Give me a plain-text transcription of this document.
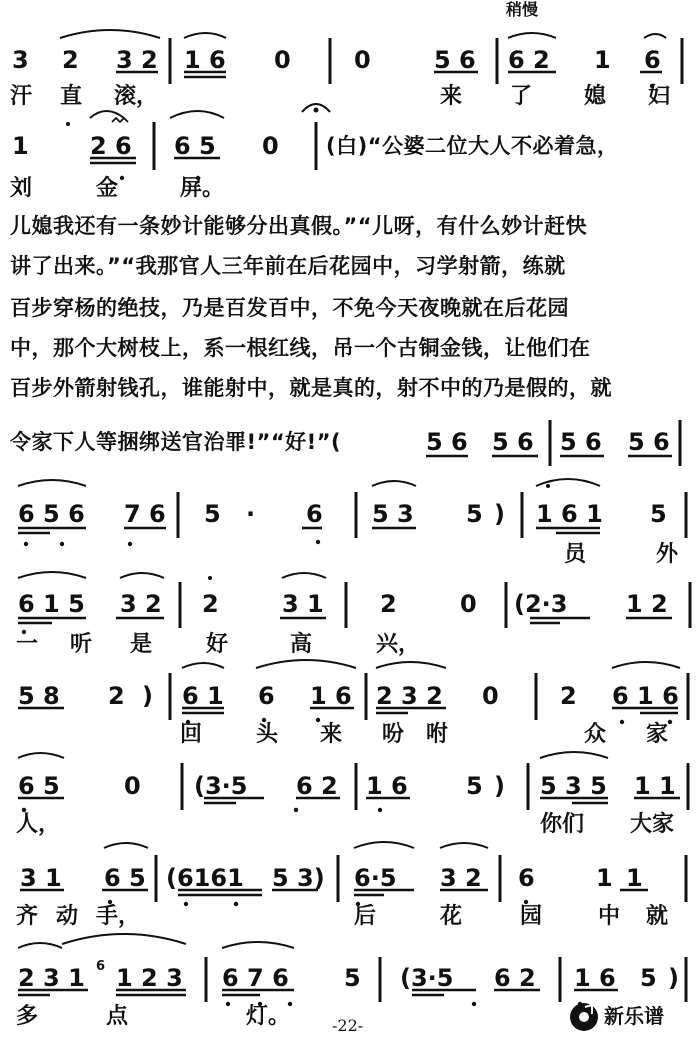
稍慢
3 2 3 2 1 6 0	0	5 6 6 2 1 6
汗 直 滚，	来 了 媳 妇
1	2 6 6 5 0 (白)“公婆二位大人不必着急，
刘	金	屏。
儿媳我还有一条妙计能够分出真假。”“儿呀，有什么妙计赶快
讲了出来。”“我那官人三年前在后花园中，习学射箭，练就
百步穿杨的绝技，乃是百发百中，不免今天夜晚就在后花园
中，那个大树枝上，系一根红线，吊一个古铜金钱，让他们在
百步外箭射钱孔，谁能射中，就是真的，射不中的乃是假的，就
令家下人等捆绑送官治罪!”“好!”(	5 6 5 6 5 6 5 6
6 5 6 7 6 5 · 6 5 3 5 ) 1 6 1 5
员	外
6 1 5 3 2 2	3 1 2	0 (2·3 1 2
一 听 是 好	高	兴，
5 8 2 ) 6 1 6 1 6 2 3 2 0	2 6 1 6
回 头 来 吩 咐	众 家
6 5	0 (3·5 6 2 1 6 5 ) 5 3 5 1 1
人，	你们 大家
3 1 6 5 (6161 5 3) 6·5 3 2 6	1 1
齐 动 手，	后	花	园	中 就
2 3 1 6 1 2 3 6 7 6 5 (3·5 6 2 1 6 5 )
多	点	灯。	-22-

	新乐谱
